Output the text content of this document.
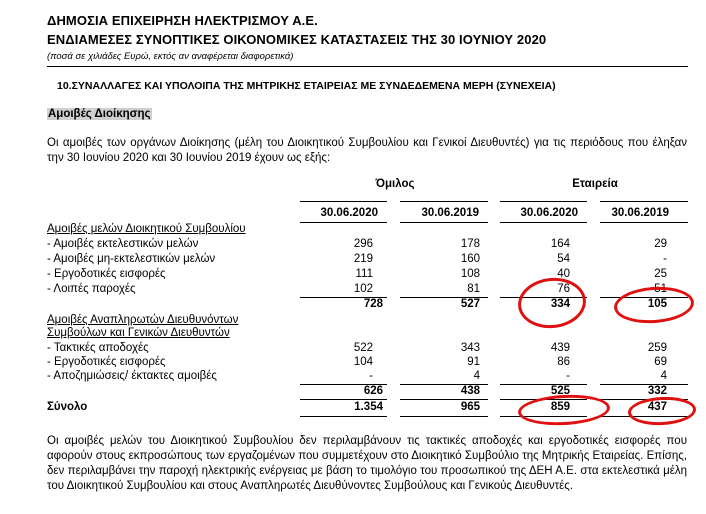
ΔΗΜΟΣΙΑ ΕΠΙΧΕΙΡΗΣΗ ΗΛΕΚΤΡΙΣΜΟΥ Α.Ε.
ΕΝΔΙΑΜΕΣΕΣ ΣΥΝΟΠΤΙΚΕΣ ΟΙΚΟΝΟΜΙΚΕΣ ΚΑΤΑΣΤΑΣΕΙΣ ΤΗΣ 30 ΙΟΥΝΙΟΥ 2020
(ποσά σε χιλιάδες Ευρώ, εκτός αν αναφέρεται διαφορετικά)
10.ΣΥΝΑΛΛΑΓΕΣ ΚΑΙ ΥΠΟΛΟΙΠΑ ΤΗΣ ΜΗΤΡΙΚΗΣ ΕΤΑΙΡΕΙΑΣ ΜΕ ΣΥΝΔΕΔΕΜΕΝΑ ΜΕΡΗ (ΣΥΝΕΧΕΙΑ)
Αμοιβές Διοίκησης
Οι αμοιβές των οργάνων Διοίκησης (μέλη του Διοικητικού Συμβουλίου και Γενικοί Διευθυντές) για τις περιόδους που έληξαν την 30 Ιουνίου 2020 και 30 Ιουνίου 2019 έχουν ως εξής:
Όμιλος	Εταιρεία
30.06.2020	30.06.2019	30.06.2020	30.06.2019
Αμοιβές μελών Διοικητικού Συμβουλίου
- Αμοιβές εκτελεστικών μελών	296	178	164	29
- Αμοιβές μη-εκτελεστικών μελών	219	160	54	-
- Εργοδοτικές εισφορές	111	108	40	25
- Λοιπές παροχές	102	81	76	51
728	527	334	105
Αμοιβές Αναπληρωτών Διευθυνόντων
Συμβούλων και Γενικών Διευθυντών
- Τακτικές αποδοχές	522	343	439	259
- Εργοδοτικές εισφορές	104	91	86	69
- Αποζημιώσεις/ έκτακτες αμοιβές	-	4	-	4
626	438	525	332
Σύνολο	1.354	965	859	437
Οι αμοιβές μελών του Διοικητικού Συμβουλίου δεν περιλαμβάνουν τις τακτικές αποδοχές και εργοδοτικές εισφορές που αφορούν στους εκπροσώπους των εργαζομένων που συμμετέχουν στο Διοικητικό Συμβούλιο της Μητρικής Εταιρείας. Επίσης, δεν περιλαμβάνει την παροχή ηλεκτρικής ενέργειας με βάση το τιμολόγιο του προσωπικού της ΔΕΗ Α.Ε. στα εκτελεστικά μέλη του Διοικητικού Συμβουλίου και στους Αναπληρωτές Διευθύνοντες Συμβούλους και Γενικούς Διευθυντές.
